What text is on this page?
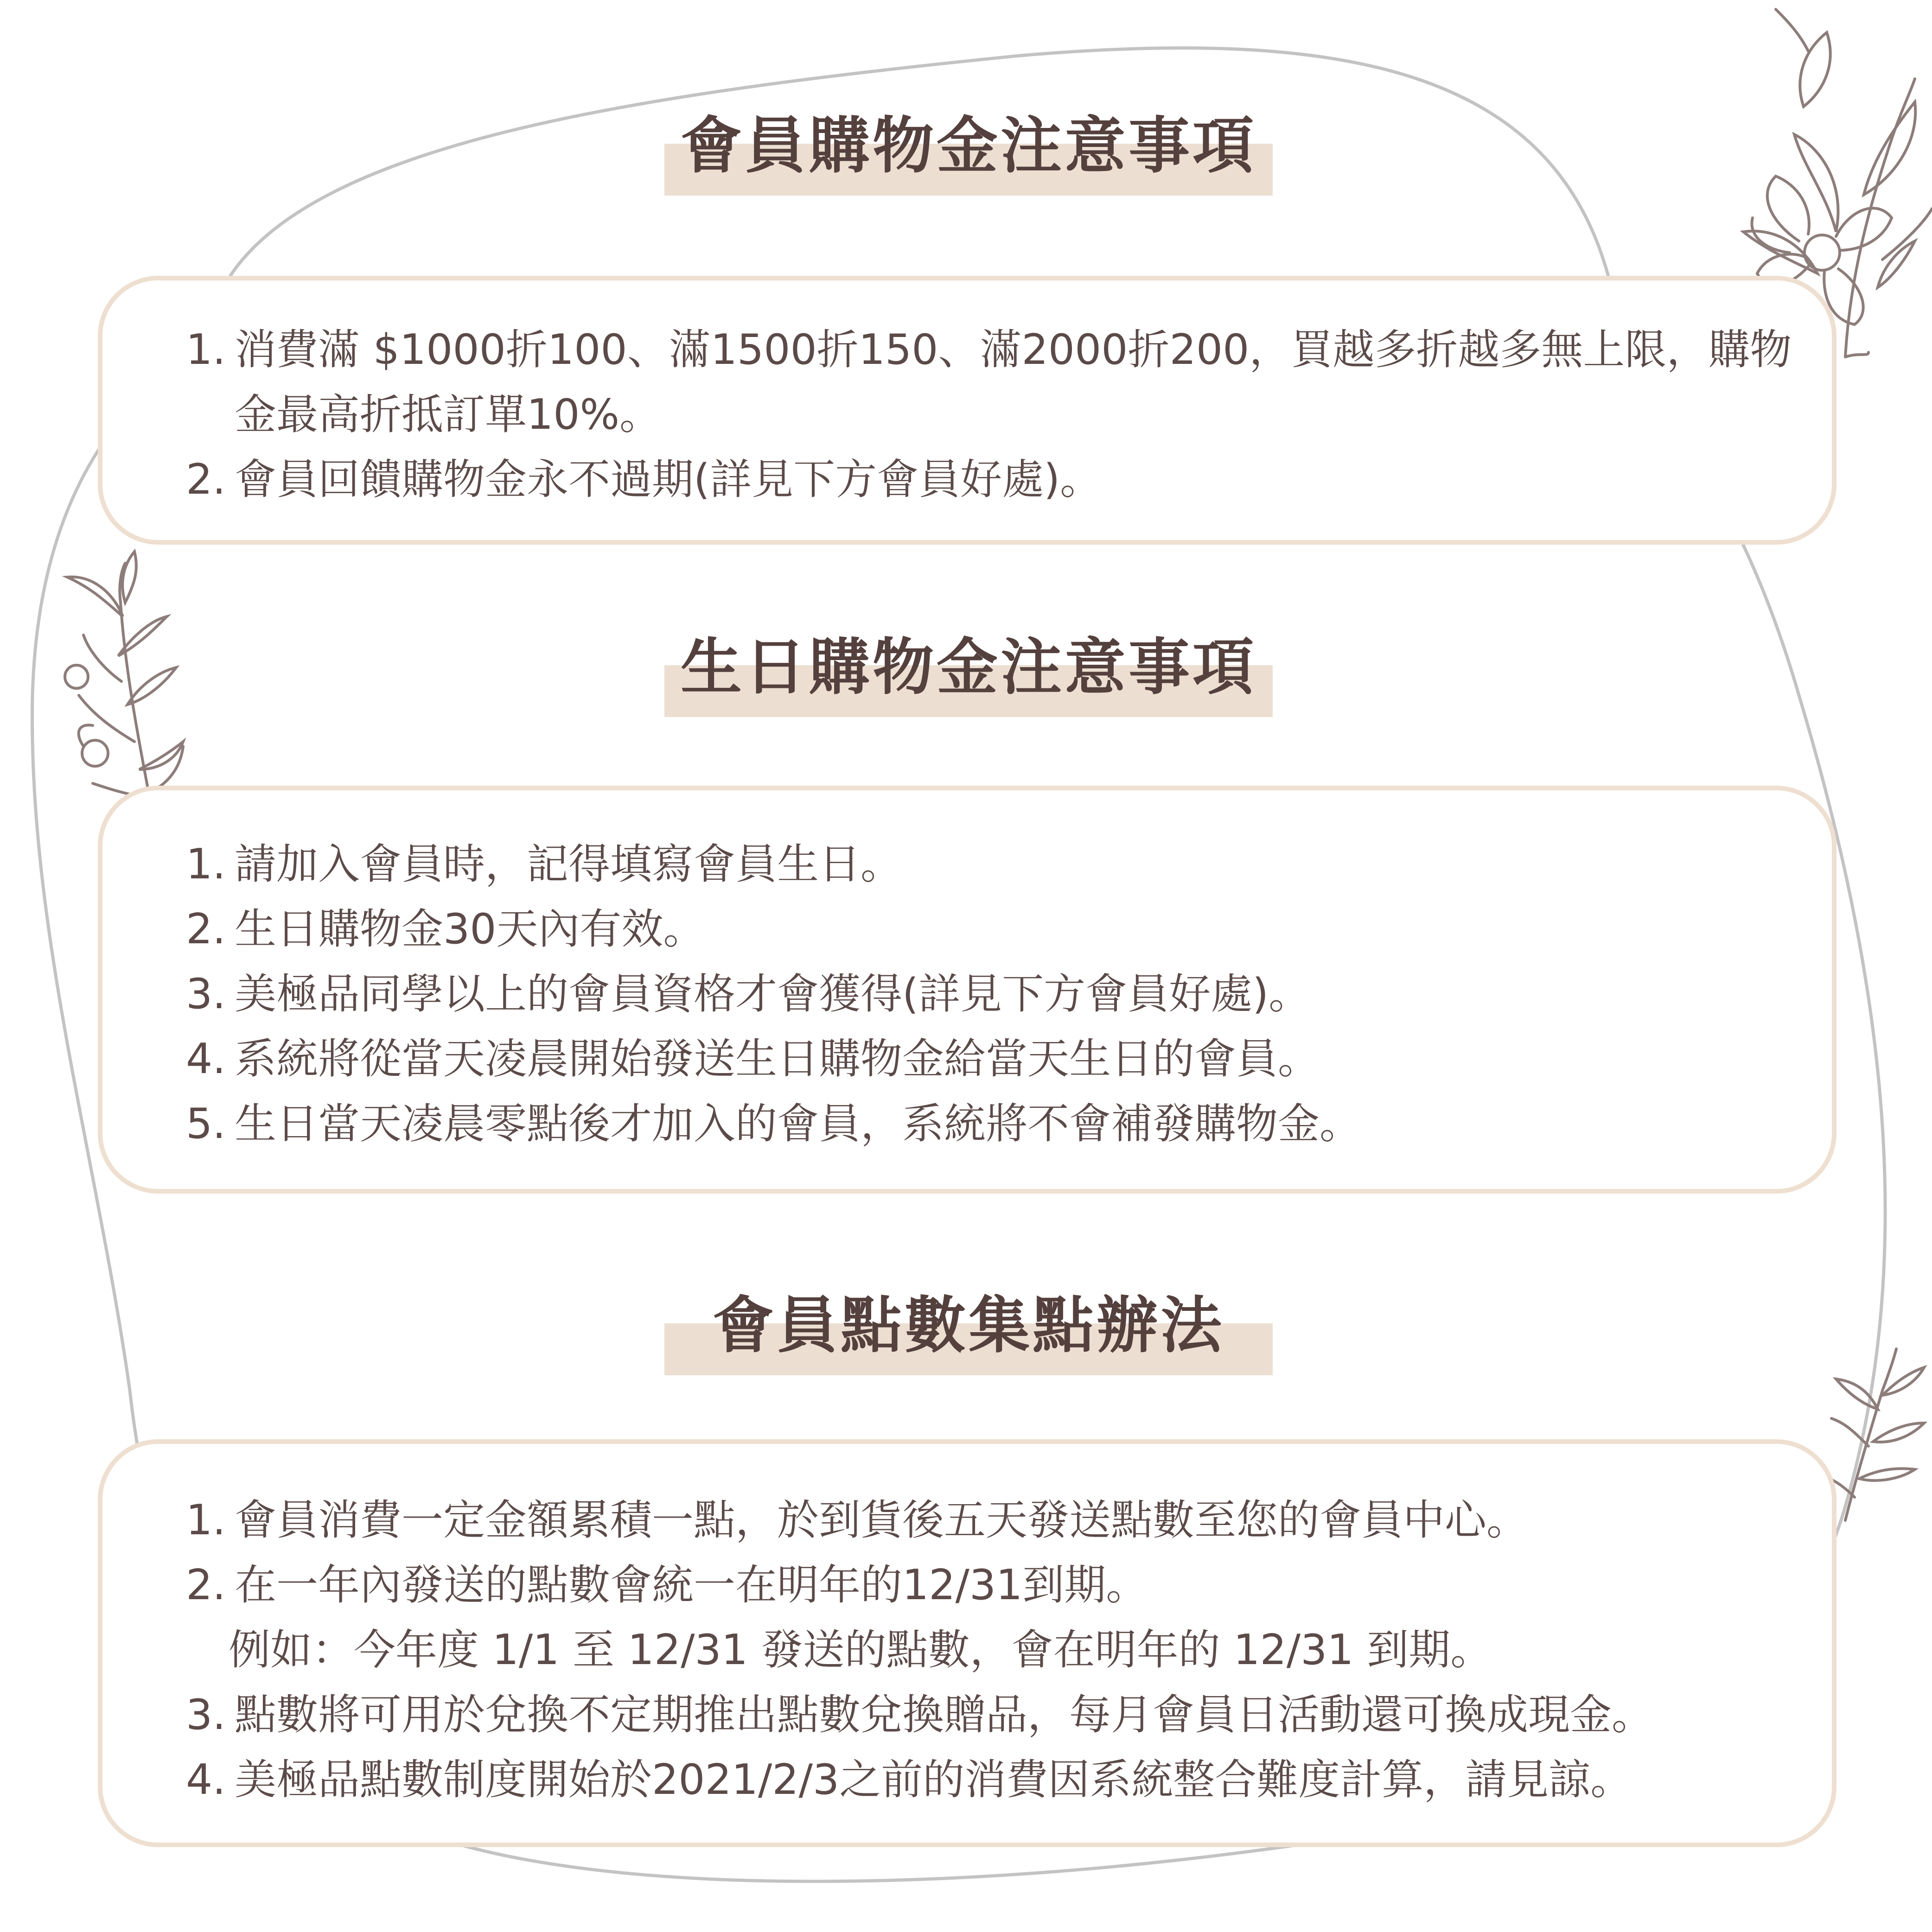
會員購物金注意事項
1. 消費滿 $1000折100、滿1500折150、滿2000折200，買越多折越多無上限，購物
金最高折抵訂單10%。
2. 會員回饋購物金永不過期(詳見下方會員好處)。
生日購物金注意事項
1. 請加入會員時，記得填寫會員生日。
2. 生日購物金30天內有效。
3. 美極品同學以上的會員資格才會獲得(詳見下方會員好處)。
4. 系統將從當天凌晨開始發送生日購物金給當天生日的會員。
5. 生日當天凌晨零點後才加入的會員，系統將不會補發購物金。
會員點數集點辦法
1. 會員消費一定金額累積一點，於到貨後五天發送點數至您的會員中心。
2. 在一年內發送的點數會統一在明年的12/31到期。
例如：今年度 1/1 至 12/31 發送的點數，會在明年的 12/31 到期。
3. 點數將可用於兌換不定期推出點數兌換贈品，每月會員日活動還可換成現金。
4. 美極品點數制度開始於2021/2/3之前的消費因系統整合難度計算，請見諒。
